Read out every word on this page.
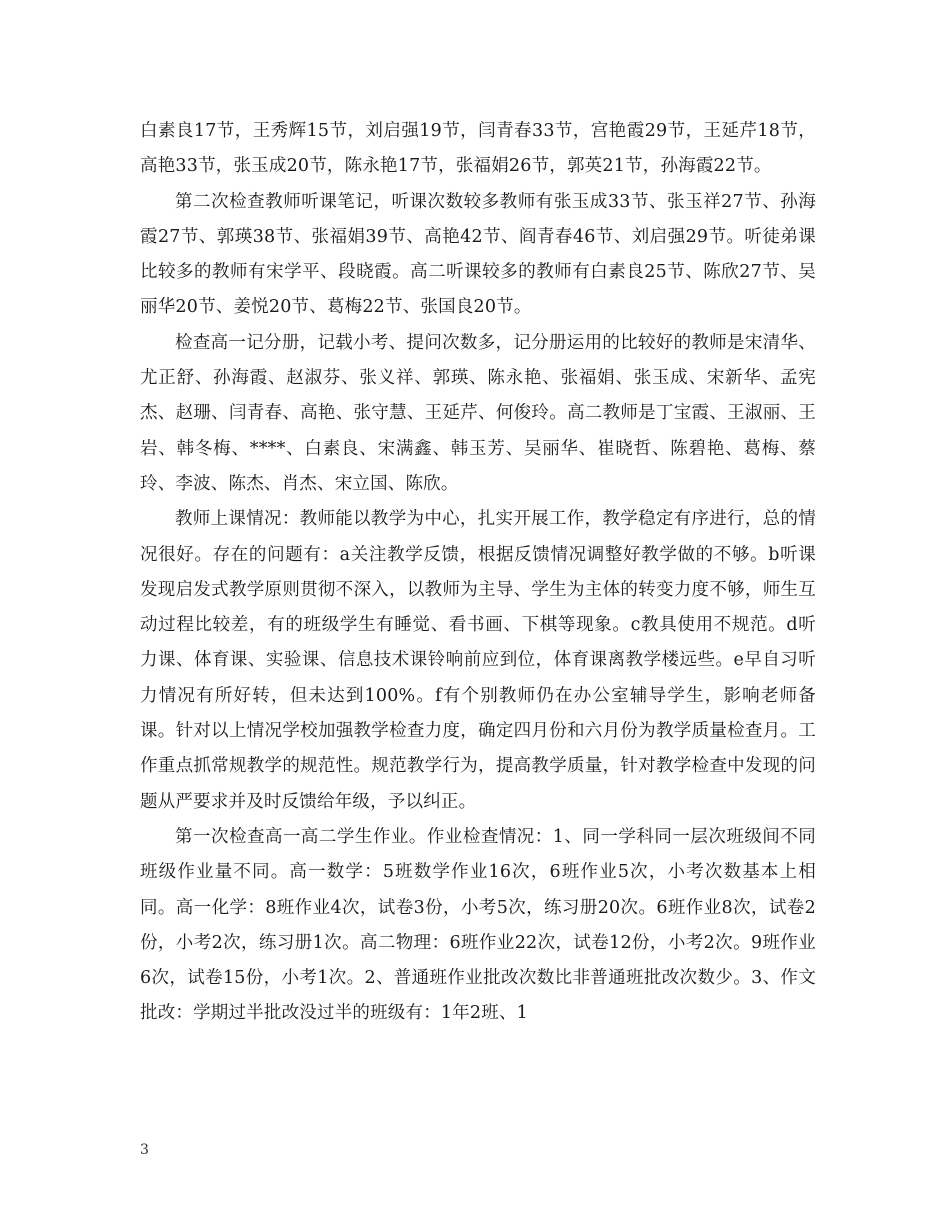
白素良17节，王秀辉15节，刘启强19节，闫青春33节，宫艳霞29节，王延芹18节，高艳33节，张玉成20节，陈永艳17节，张福娟26节，郭英21节，孙海霞22节。

第二次检查教师听课笔记，听课次数较多教师有张玉成33节、张玉祥27节、孙海霞27节、郭瑛38节、张福娟39节、高艳42节、阎青春46节、刘启强29节。听徒弟课比较多的教师有宋学平、段晓霞。高二听课较多的教师有白素良25节、陈欣27节、吴丽华20节、姜悦20节、葛梅22节、张国良20节。

检查高一记分册，记载小考、提问次数多，记分册运用的比较好的教师是宋清华、尤正舒、孙海霞、赵淑芬、张义祥、郭瑛、陈永艳、张福娟、张玉成、宋新华、孟宪杰、赵珊、闫青春、高艳、张守慧、王延芹、何俊玲。高二教师是丁宝霞、王淑丽、王岩、韩冬梅、****、白素良、宋满鑫、韩玉芳、吴丽华、崔晓哲、陈碧艳、葛梅、蔡玲、李波、陈杰、肖杰、宋立国、陈欣。

教师上课情况：教师能以教学为中心，扎实开展工作，教学稳定有序进行，总的情况很好。存在的问题有：a关注教学反馈，根据反馈情况调整好教学做的不够。b听课发现启发式教学原则贯彻不深入，以教师为主导、学生为主体的转变力度不够，师生互动过程比较差，有的班级学生有睡觉、看书画、下棋等现象。c教具使用不规范。d听力课、体育课、实验课、信息技术课铃响前应到位，体育课离教学楼远些。e早自习听力情况有所好转，但未达到100%。f有个别教师仍在办公室辅导学生，影响老师备课。针对以上情况学校加强教学检查力度，确定四月份和六月份为教学质量检查月。工作重点抓常规教学的规范性。规范教学行为，提高教学质量，针对教学检查中发现的问题从严要求并及时反馈给年级，予以纠正。

第一次检查高一高二学生作业。作业检查情况：1、同一学科同一层次班级间不同班级作业量不同。高一数学：5班数学作业16次，6班作业5次，小考次数基本上相同。高一化学：8班作业4次，试卷3份，小考5次，练习册20次。6班作业8次，试卷2份，小考2次，练习册1次。高二物理：6班作业22次，试卷12份，小考2次。9班作业6次，试卷15份，小考1次。2、普通班作业批改次数比非普通班批改次数少。3、作文批改：学期过半批改没过半的班级有：1年2班、1

3
